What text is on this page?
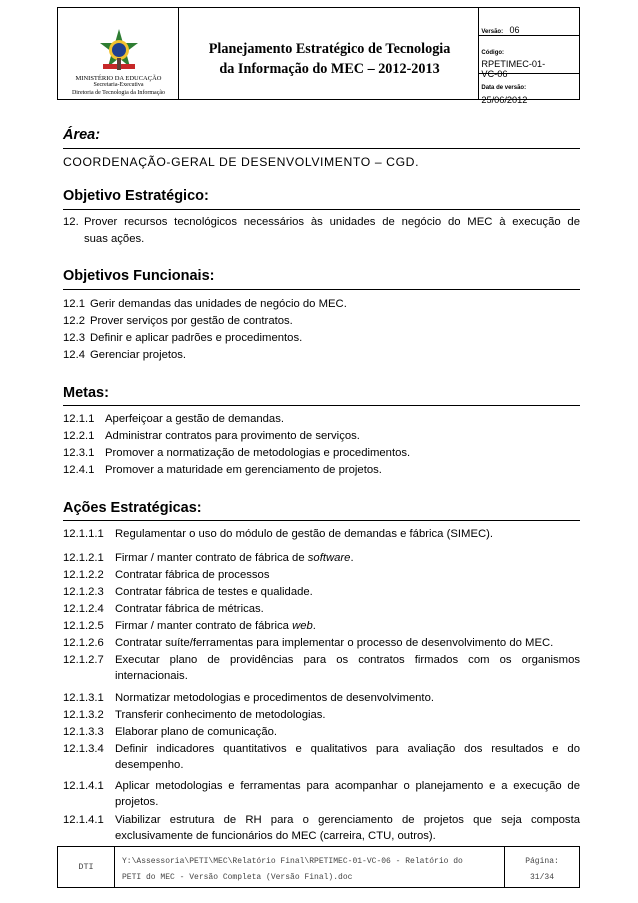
MINISTÉRIO DA EDUCAÇÃO
Secretaria-Executiva
Diretoria de Tecnologia da Informação
Planejamento Estratégico de Tecnologia
da Informação do MEC – 2012-2013
Versão: 06
Código:
RPETIMEC-01-
VC-06
Data de versão:
25/06/2012
Área:
COORDENAÇÃO-GERAL DE DESENVOLVIMENTO – CGD.
Objetivo Estratégico:
12. Prover recursos tecnológicos necessários às unidades de negócio do MEC à execução de
suas ações.
Objetivos Funcionais:
12.1 Gerir demandas das unidades de negócio do MEC.
12.2 Prover serviços por gestão de contratos.
12.3 Definir e aplicar padrões e procedimentos.
12.4 Gerenciar projetos.
Metas:
12.1.1 Aperfeiçoar a gestão de demandas.
12.2.1 Administrar contratos para provimento de serviços.
12.3.1 Promover a normatização de metodologias e procedimentos.
12.4.1 Promover a maturidade em gerenciamento de projetos.
Ações Estratégicas:
12.1.1.1 Regulamentar o uso do módulo de gestão de demandas e fábrica (SIMEC).
12.1.2.1 Firmar / manter contrato de fábrica de software.
12.1.2.2 Contratar fábrica de processos
12.1.2.3 Contratar fábrica de testes e qualidade.
12.1.2.4 Contratar fábrica de métricas.
12.1.2.5 Firmar / manter contrato de fábrica web.
12.1.2.6 Contratar suíte/ferramentas para implementar o processo de desenvolvimento do MEC.
12.1.2.7 Executar plano de providências para os contratos firmados com os organismos
internacionais.
12.1.3.1 Normatizar metodologias e procedimentos de desenvolvimento.
12.1.3.2 Transferir conhecimento de metodologias.
12.1.3.3 Elaborar plano de comunicação.
12.1.3.4 Definir indicadores quantitativos e qualitativos para avaliação dos resultados e do
desempenho.
12.1.4.1 Aplicar metodologias e ferramentas para acompanhar o planejamento e a execução de
projetos.
12.1.4.1 Viabilizar estrutura de RH para o gerenciamento de projetos que seja composta
exclusivamente de funcionários do MEC (carreira, CTU, outros).
DTI
Y:\Assessoria\PETI\MEC\Relatório Final\RPETIMEC-01-VC-06 - Relatório do
PETI do MEC - Versão Completa (Versão Final).doc
Página:
31/34
